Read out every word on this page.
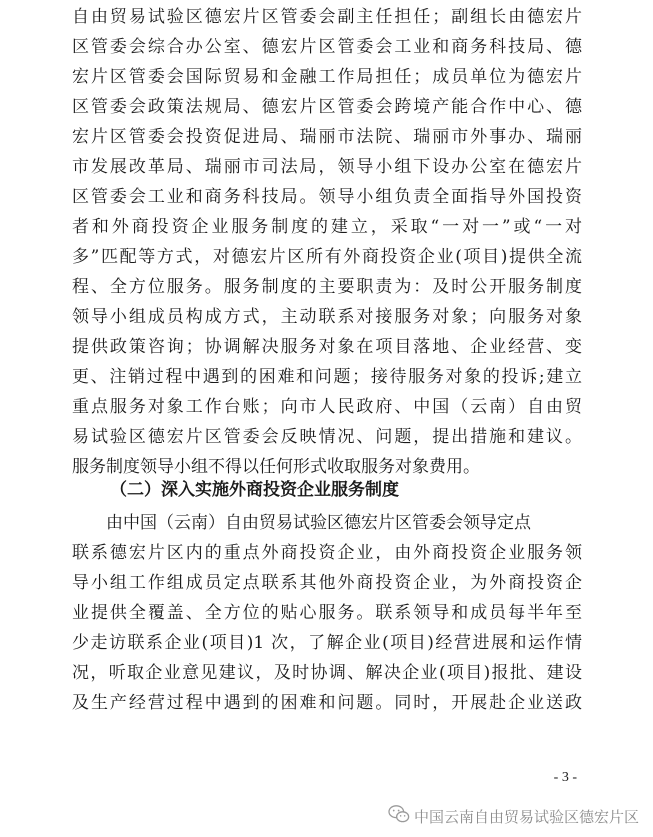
自由贸易试验区德宏片区管委会副主任担任；副组长由德宏片
区管委会综合办公室、德宏片区管委会工业和商务科技局、德
宏片区管委会国际贸易和金融工作局担任；成员单位为德宏片
区管委会政策法规局、德宏片区管委会跨境产能合作中心、德
宏片区管委会投资促进局、瑞丽市法院、瑞丽市外事办、瑞丽
市发展改革局、瑞丽市司法局，领导小组下设办公室在德宏片
区管委会工业和商务科技局。领导小组负责全面指导外国投资
者和外商投资企业服务制度的建立，采取“一对一”或“一对
多”匹配等方式，对德宏片区所有外商投资企业(项目)提供全流
程、全方位服务。服务制度的主要职责为：及时公开服务制度
领导小组成员构成方式，主动联系对接服务对象；向服务对象
提供政策咨询；协调解决服务对象在项目落地、企业经营、变
更、注销过程中遇到的困难和问题；接待服务对象的投诉;建立
重点服务对象工作台账；向市人民政府、中国（云南）自由贸
易试验区德宏片区管委会反映情况、问题，提出措施和建议。
服务制度领导小组不得以任何形式收取服务对象费用。
（二）深入实施外商投资企业服务制度
由中国（云南）自由贸易试验区德宏片区管委会领导定点
联系德宏片区内的重点外商投资企业，由外商投资企业服务领
导小组工作组成员定点联系其他外商投资企业，为外商投资企
业提供全覆盖、全方位的贴心服务。联系领导和成员每半年至
少走访联系企业(项目)1 次，了解企业(项目)经营进展和运作情
况，听取企业意见建议，及时协调、解决企业(项目)报批、建设
及生产经营过程中遇到的困难和问题。同时，开展赴企业送政
- 3 -
中国云南自由贸易试验区德宏片区
